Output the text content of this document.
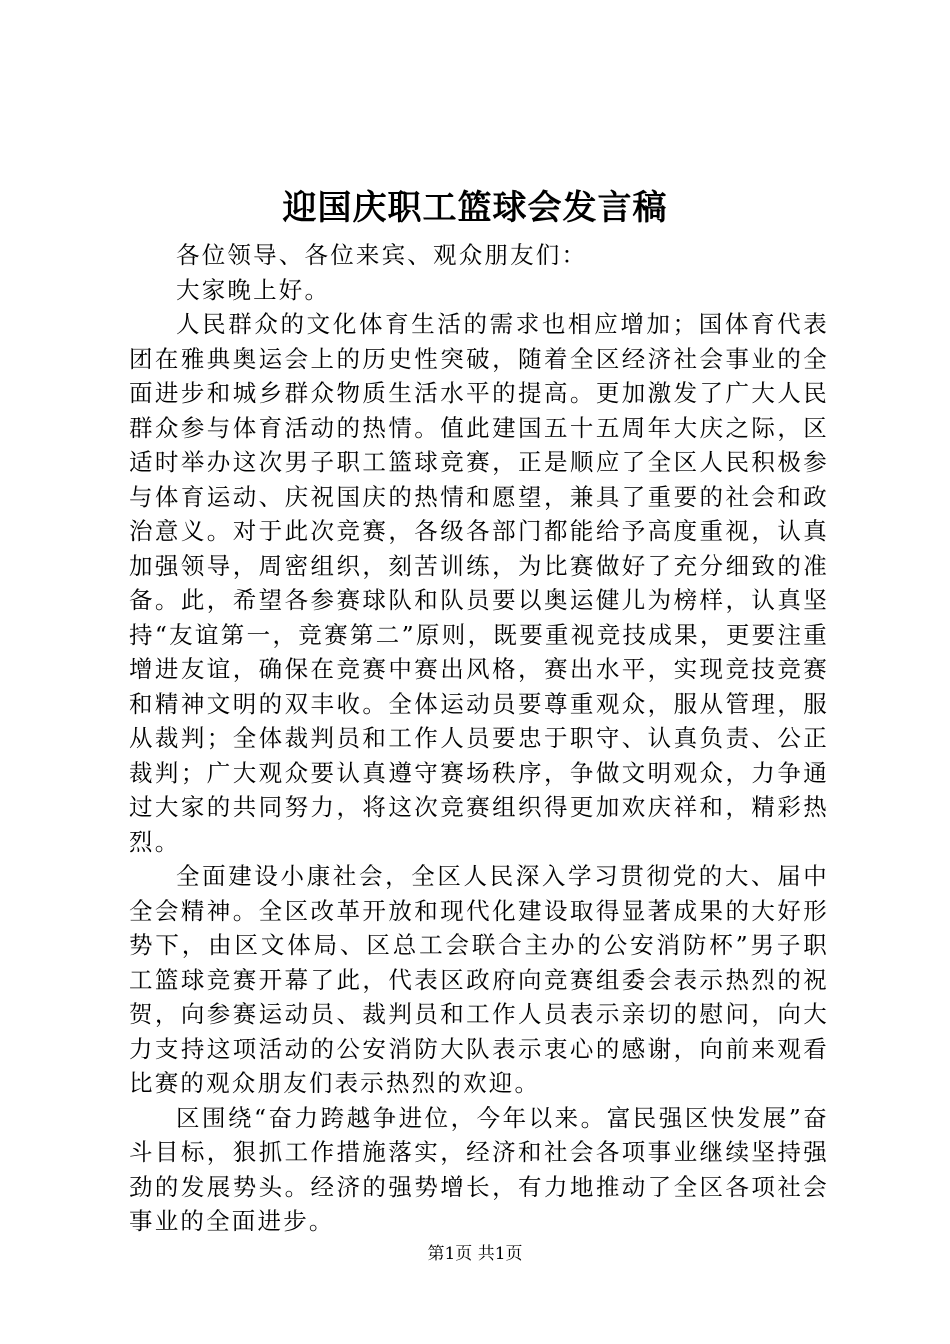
迎国庆职工篮球会发言稿

各位领导、各位来宾、观众朋友们：

大家晚上好。

人民群众的文化体育生活的需求也相应增加；国体育代表团在雅典奥运会上的历史性突破，随着全区经济社会事业的全面进步和城乡群众物质生活水平的提高。更加激发了广大人民群众参与体育活动的热情。值此建国五十五周年大庆之际，区适时举办这次男子职工篮球竞赛，正是顺应了全区人民积极参与体育运动、庆祝国庆的热情和愿望，兼具了重要的社会和政治意义。对于此次竞赛，各级各部门都能给予高度重视，认真加强领导，周密组织，刻苦训练，为比赛做好了充分细致的准备。此，希望各参赛球队和队员要以奥运健儿为榜样，认真坚持“友谊第一，竞赛第二”原则，既要重视竞技成果，更要注重增进友谊，确保在竞赛中赛出风格，赛出水平，实现竞技竞赛和精神文明的双丰收。全体运动员要尊重观众，服从管理，服从裁判；全体裁判员和工作人员要忠于职守、认真负责、公正裁判；广大观众要认真遵守赛场秩序，争做文明观众，力争通过大家的共同努力，将这次竞赛组织得更加欢庆祥和，精彩热烈。

全面建设小康社会，全区人民深入学习贯彻党的大、届中全会精神。全区改革开放和现代化建设取得显著成果的大好形势下，由区文体局、区总工会联合主办的公安消防杯”男子职工篮球竞赛开幕了此，代表区政府向竞赛组委会表示热烈的祝贺，向参赛运动员、裁判员和工作人员表示亲切的慰问，向大力支持这项活动的公安消防大队表示衷心的感谢，向前来观看比赛的观众朋友们表示热烈的欢迎。

区围绕“奋力跨越争进位，今年以来。富民强区快发展”奋斗目标，狠抓工作措施落实，经济和社会各项事业继续坚持强劲的发展势头。经济的强势增长，有力地推动了全区各项社会事业的全面进步。

第1页 共1页
